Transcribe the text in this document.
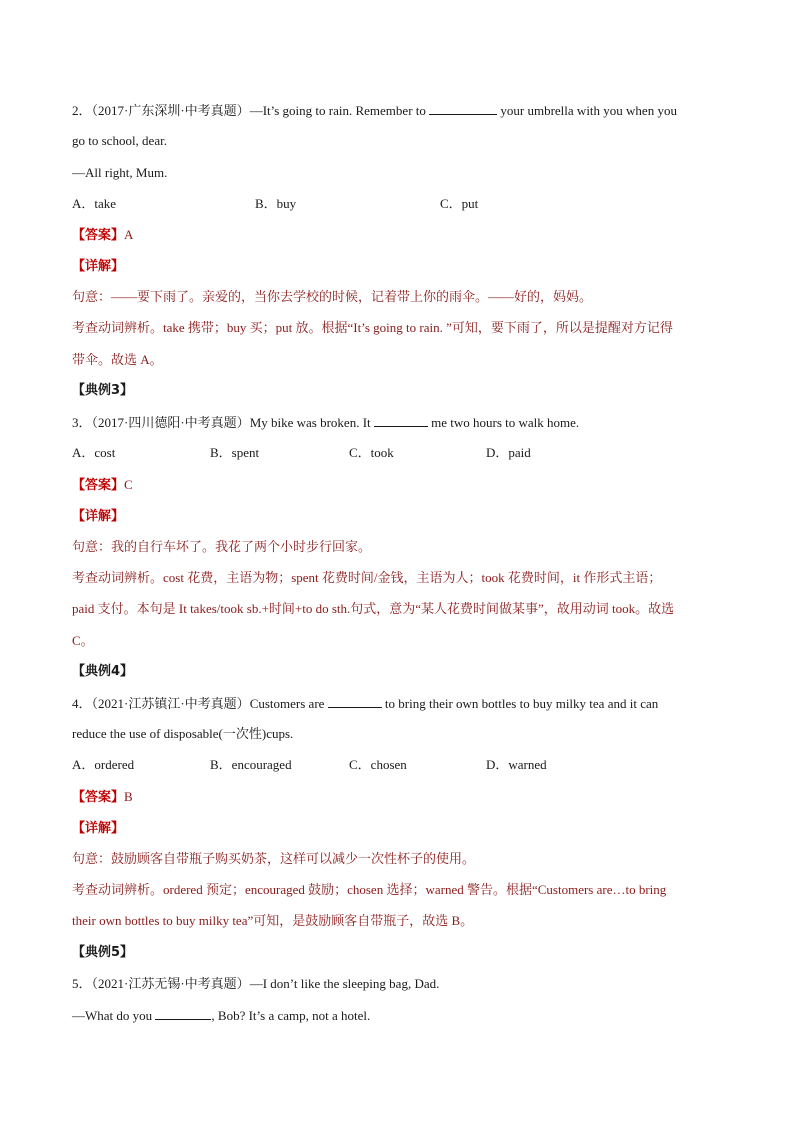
2．（2017·广东深圳·中考真题）—It’s going to rain. Remember to	your umbrella with you when you
go to school, dear.
—All right, Mum.
A．take	B．buy	C．put
【答案】A
【详解】
句意：——要下雨了。亲爱的，当你去学校的时候，记着带上你的雨伞。——好的，妈妈。
考查动词辨析。take 携带；buy 买；put 放。根据“It’s going to rain. ”可知，要下雨了，所以是提醒对方记得
带伞。故选 A。
【典例3】
3．（2017·四川德阳·中考真题）My bike was broken. It	me two hours to walk home.
A．cost	B．spent	C．took	D．paid
【答案】C
【详解】
句意：我的自行车坏了。我花了两个小时步行回家。
考查动词辨析。cost 花费，主语为物；spent 花费时间/金钱，主语为人；took 花费时间，it 作形式主语；
paid 支付。本句是 It takes/took sb.+时间+to do sth.句式，意为“某人花费时间做某事”，故用动词 took。故选
C。
【典例4】
4．（2021·江苏镇江·中考真题）Customers are	to bring their own bottles to buy milky tea and it can
reduce the use of disposable(一次性)cups.
A．ordered	B．encouraged	C．chosen	D．warned
【答案】B
【详解】
句意：鼓励顾客自带瓶子购买奶茶，这样可以减少一次性杯子的使用。
考查动词辨析。ordered 预定；encouraged 鼓励；chosen 选择；warned 警告。根据“Customers are…to bring
their own bottles to buy milky tea”可知，是鼓励顾客自带瓶子，故选 B。
【典例5】
5．（2021·江苏无锡·中考真题）—I don’t like the sleeping bag, Dad.
—What do you	, Bob? It’s a camp, not a hotel.
